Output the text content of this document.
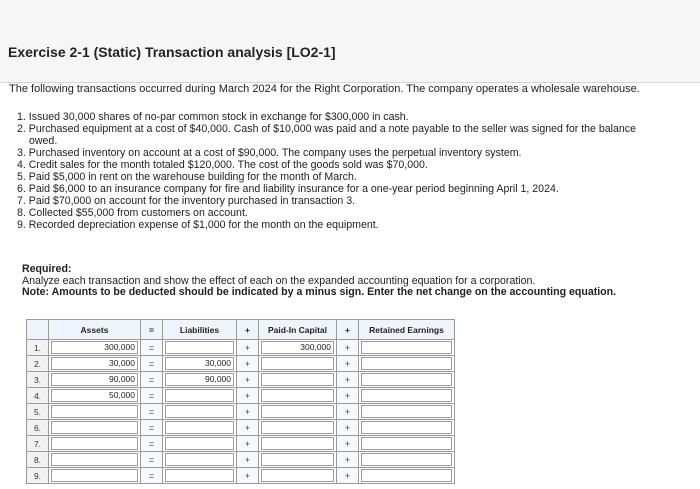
Exercise 2-1 (Static) Transaction analysis [LO2-1]
The following transactions occurred during March 2024 for the Right Corporation. The company operates a wholesale warehouse.
1. Issued 30,000 shares of no-par common stock in exchange for $300,000 in cash.
2. Purchased equipment at a cost of $40,000. Cash of $10,000 was paid and a note payable to the seller was signed for the balance
owed.
3. Purchased inventory on account at a cost of $90,000. The company uses the perpetual inventory system.
4. Credit sales for the month totaled $120,000. The cost of the goods sold was $70,000.
5. Paid $5,000 in rent on the warehouse building for the month of March.
6. Paid $6,000 to an insurance company for fire and liability insurance for a one-year period beginning April 1, 2024.
7. Paid $70,000 on account for the inventory purchased in transaction 3.
8. Collected $55,000 from customers on account.
9. Recorded depreciation expense of $1,000 for the month on the equipment.
Required:
Analyze each transaction and show the effect of each on the expanded accounting equation for a corporation.
Note: Amounts to be deducted should be indicated by a minus sign. Enter the net change on the accounting equation.
	Assets	=	Liabilities	+	Paid-In Capital	+	Retained Earnings
1.	300,000	=		+	300,000	+	

2.	30,000	=	30,000	+		+	

3.	90,000	=	90,000	+		+	

4.	50,000	=		+		+	

5.		=		+		+	

6.		=		+		+	

7.		=		+		+	

8.		=		+		+	

9.		=		+		+	
